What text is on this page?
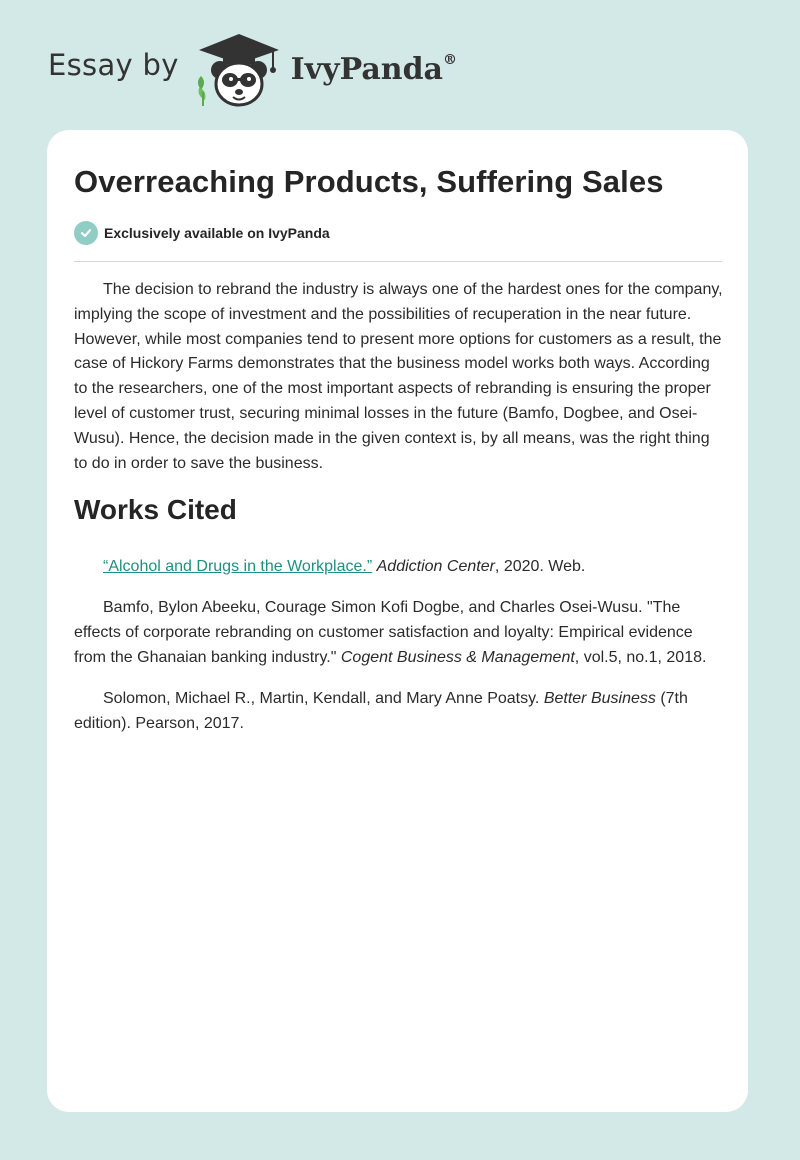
Essay by	IvyPanda®
Overreaching Products, Suffering Sales
Exclusively available on IvyPanda

The decision to rebrand the industry is always one of the hardest ones for the company, implying the scope of investment and the possibilities of recuperation in the near future. However, while most companies tend to present more options for customers as a result, the case of Hickory Farms demonstrates that the business model works both ways. According to the researchers, one of the most important aspects of rebranding is ensuring the proper level of customer trust, securing minimal losses in the future (Bamfo, Dogbee, and Osei-Wusu). Hence, the decision made in the given context is, by all means, was the right thing to do in order to save the business.

Works Cited

“Alcohol and Drugs in the Workplace.” Addiction Center, 2020. Web.

Bamfo, Bylon Abeeku, Courage Simon Kofi Dogbe, and Charles Osei-Wusu. "The effects of corporate rebranding on customer satisfaction and loyalty: Empirical evidence from the Ghanaian banking industry." Cogent Business & Management, vol.5, no.1, 2018.

Solomon, Michael R., Martin, Kendall, and Mary Anne Poatsy. Better Business (7th edition). Pearson, 2017.
